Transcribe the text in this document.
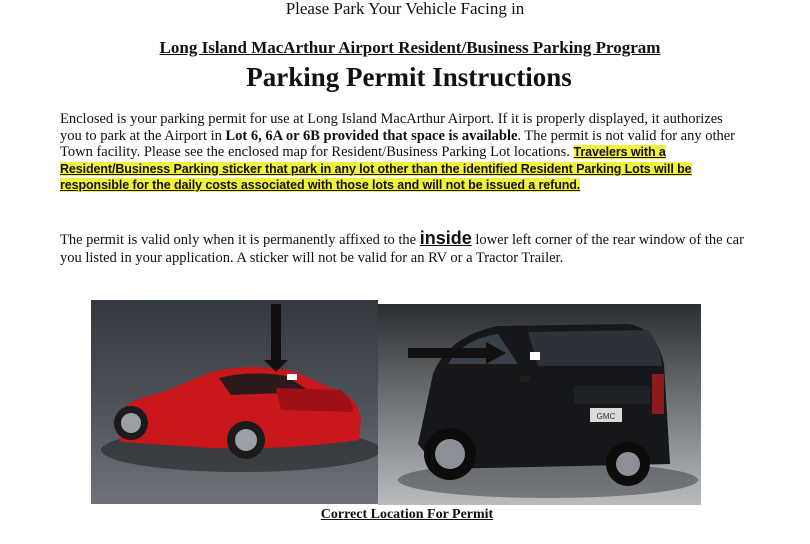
Please Park Your Vehicle Facing in
Long Island MacArthur Airport Resident/Business Parking Program
Parking Permit Instructions
Enclosed is your parking permit for use at Long Island MacArthur Airport. If it is properly displayed, it authorizes you to park at the Airport in Lot 6, 6A or 6B provided that space is available. The permit is not valid for any other Town facility. Please see the enclosed map for Resident/Business Parking Lot locations. Travelers with a Resident/Business Parking sticker that park in any lot other than the identified Resident Parking Lots will be responsible for the daily costs associated with those lots and will not be issued a refund.
The permit is valid only when it is permanently affixed to the inside lower left corner of the rear window of the car you listed in your application. A sticker will not be valid for an RV or a Tractor Trailer.
GMC
Correct Location For Permit
